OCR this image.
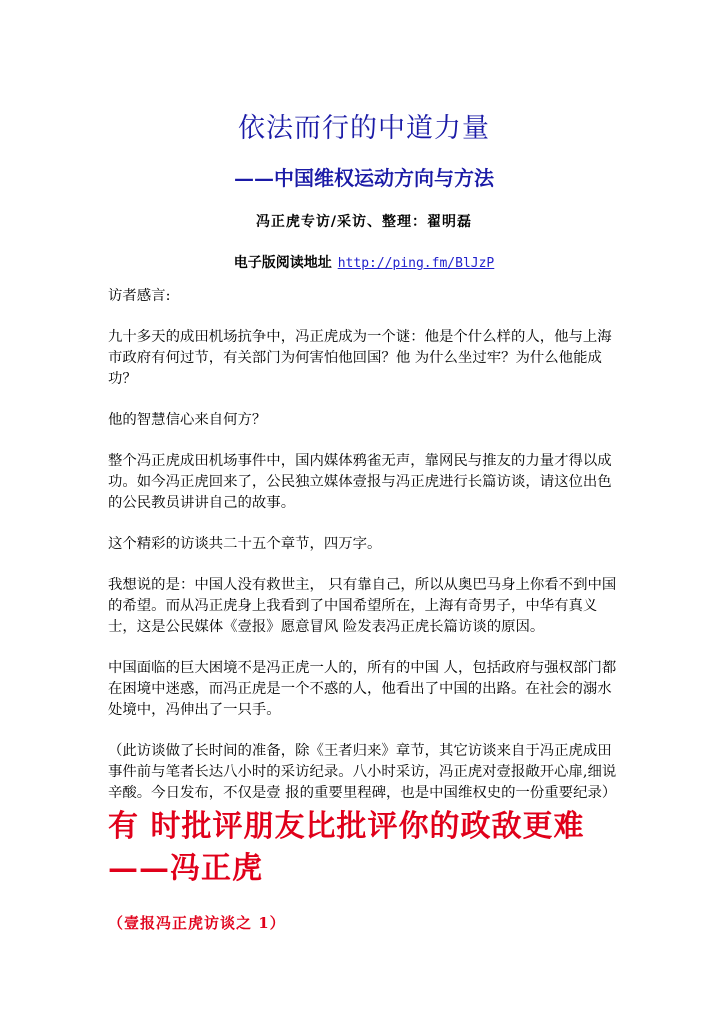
依法而行的中道力量
——中国维权运动方向与方法
冯正虎专访/采访、整理：翟明磊
电子版阅读地址 http://ping.fm/BlJzP

访者感言:

九十多天的成田机场抗争中，冯正虎成为一个谜：他是个什么样的人，他与上海市政府有何过节，有关部门为何害怕他回国？他 为什么坐过牢？为什么他能成功？

他的智慧信心来自何方？

整个冯正虎成田机场事件中，国内媒体鸦雀无声，靠网民与推友的力量才得以成 功。如今冯正虎回来了，公民独立媒体壹报与冯正虎进行长篇访谈，请这位出色的公民教员讲讲自己的故事。

这个精彩的访谈共二十五个章节，四万字。

我想说的是：中国人没有救世主， 只有靠自己，所以从奥巴马身上你看不到中国的希望。而从冯正虎身上我看到了中国希望所在，上海有奇男子，中华有真义士，这是公民媒体《壹报》愿意冒风 险发表冯正虎长篇访谈的原因。

中国面临的巨大困境不是冯正虎一人的，所有的中国 人，包括政府与强权部门都在困境中迷惑，而冯正虎是一个不惑的人，他看出了中国的出路。在社会的溺水处境中，冯伸出了一只手。

（此访谈做了长时间的准备，除《王者归来》章节，其它访谈来自于冯正虎成田事件前与笔者长达八小时的采访纪录。八小时采访，冯正虎对壹报敞开心扉,细说辛酸。今日发布，不仅是壹 报的重要里程碑，也是中国维权史的一份重要纪录）

有 时批评朋友比批评你的政敌更难
——冯正虎
（壹报冯正虎访谈之 1）
